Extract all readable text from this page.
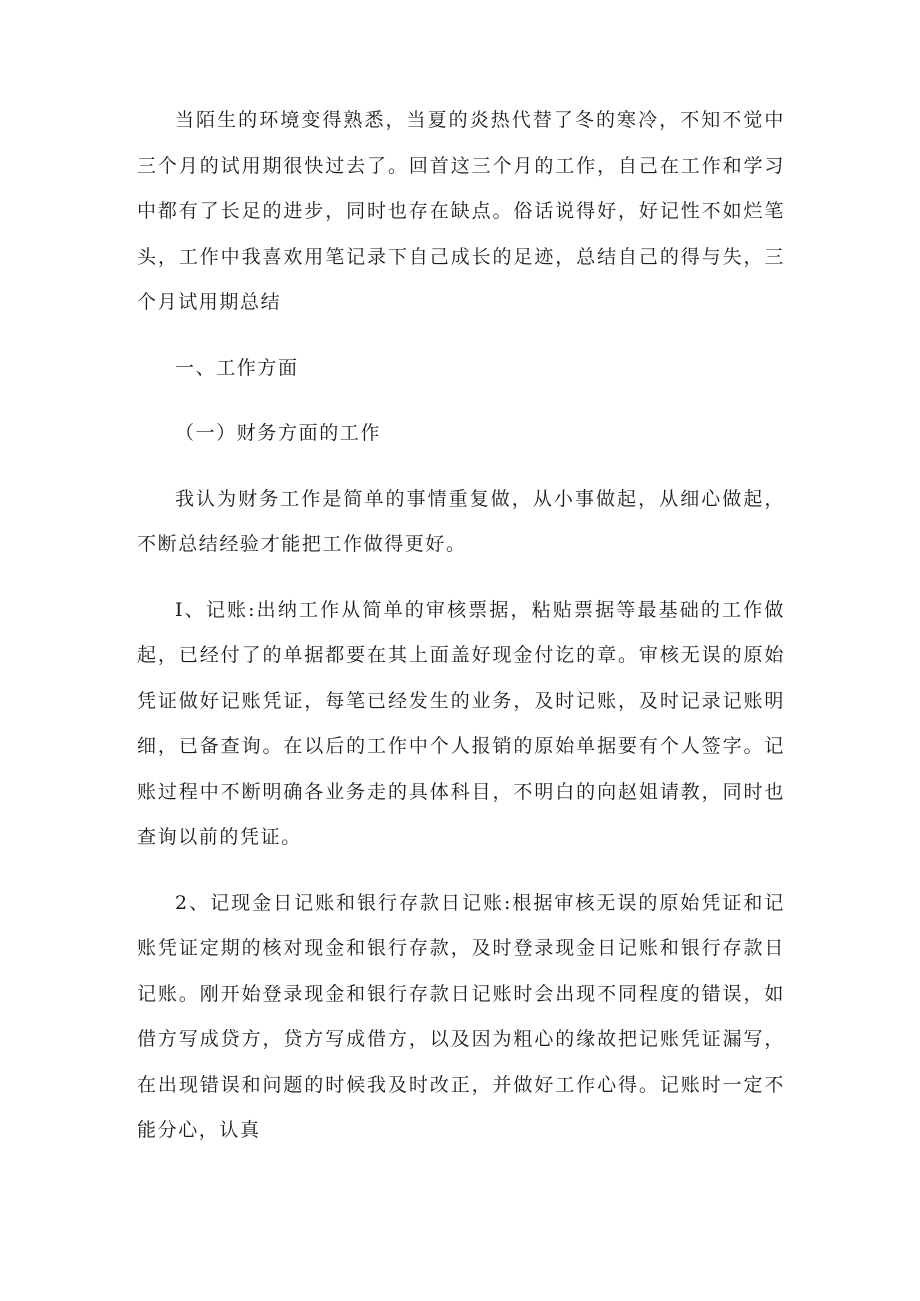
当陌生的环境变得熟悉，当夏的炎热代替了冬的寒冷，不知不觉中三个月的试用期很快过去了。回首这三个月的工作，自己在工作和学习中都有了长足的进步，同时也存在缺点。俗话说得好，好记性不如烂笔头，工作中我喜欢用笔记录下自己成长的足迹，总结自己的得与失，三个月试用期总结

一、工作方面

（一）财务方面的工作

我认为财务工作是简单的事情重复做，从小事做起，从细心做起，不断总结经验才能把工作做得更好。

I、记账:出纳工作从简单的审核票据，粘贴票据等最基础的工作做起，已经付了的单据都要在其上面盖好现金付讫的章。审核无误的原始凭证做好记账凭证，每笔已经发生的业务，及时记账，及时记录记账明细，已备查询。在以后的工作中个人报销的原始单据要有个人签字。记账过程中不断明确各业务走的具体科目，不明白的向赵姐请教，同时也查询以前的凭证。

2、记现金日记账和银行存款日记账:根据审核无误的原始凭证和记账凭证定期的核对现金和银行存款，及时登录现金日记账和银行存款日记账。刚开始登录现金和银行存款日记账时会出现不同程度的错误，如借方写成贷方，贷方写成借方，以及因为粗心的缘故把记账凭证漏写，在出现错误和问题的时候我及时改正，并做好工作心得。记账时一定不能分心，认真
